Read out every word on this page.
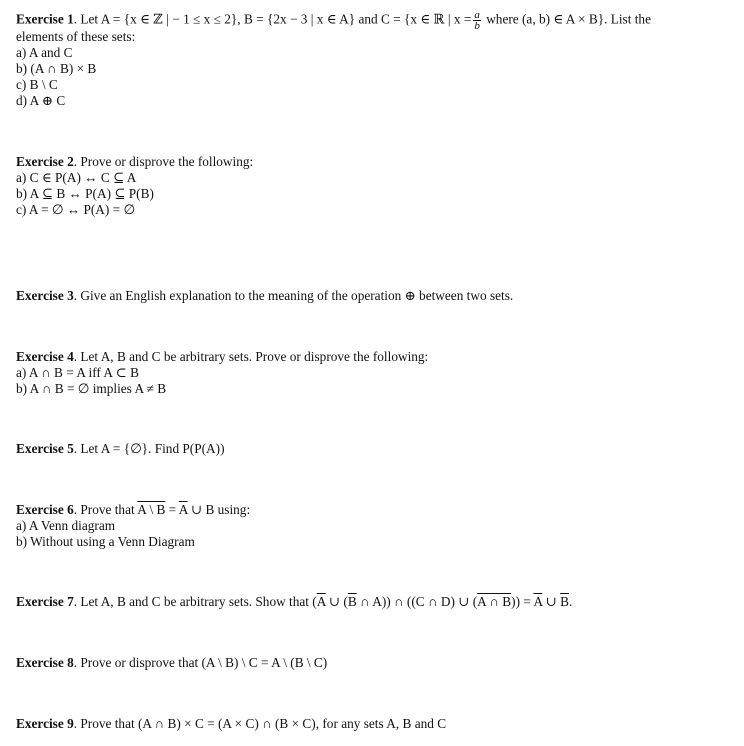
Exercise 1. Let A = {x ∈ ℤ | − 1 ≤ x ≤ 2}, B = {2x − 3 | x ∈ A} and C = {x ∈ ℝ | $x = \frac{a}{b}$ where (a, b) ∈ A × B}. List the
elements of these sets:
a) A and C
b) (A ∩ B) × B
c) B \ C
d) A ⊕ C
Exercise 2. Prove or disprove the following:
a) C ∈ P(A) ↔ C ⊆ A
b) A ⊆ B ↔ P(A) ⊆ P(B)
c) A = ∅ ↔ P(A) = ∅
Exercise 3. Give an English explanation to the meaning of the operation ⊕ between two sets.
Exercise 4. Let A, B and C be arbitrary sets. Prove or disprove the following:
a) A ∩ B = A iff A ⊂ B
b) A ∩ B = ∅ implies A ≠ B
Exercise 5. Let A = {∅}. Find P(P(A))
Exercise 6. Prove that A \ $B = \overline{A}$ ∪ B using:
a) A Venn diagram
b) Without using a Venn Diagram
Exercise 7. Let A, B and C be arbitrary sets. Show that ($\overline{A}$ ∪ ($\overline{B}$ ∩ A)) ∩ ((C ∩ D) ∪ (A ∩ $B)) = \overline{A}$ ∪ $\overline{B}$.
Exercise 8. Prove or disprove that (A \ B) \ C = A \ (B \ C)
Exercise 9. Prove that (A ∩ B) × C = (A × C) ∩ (B × C), for any sets A, B and C
